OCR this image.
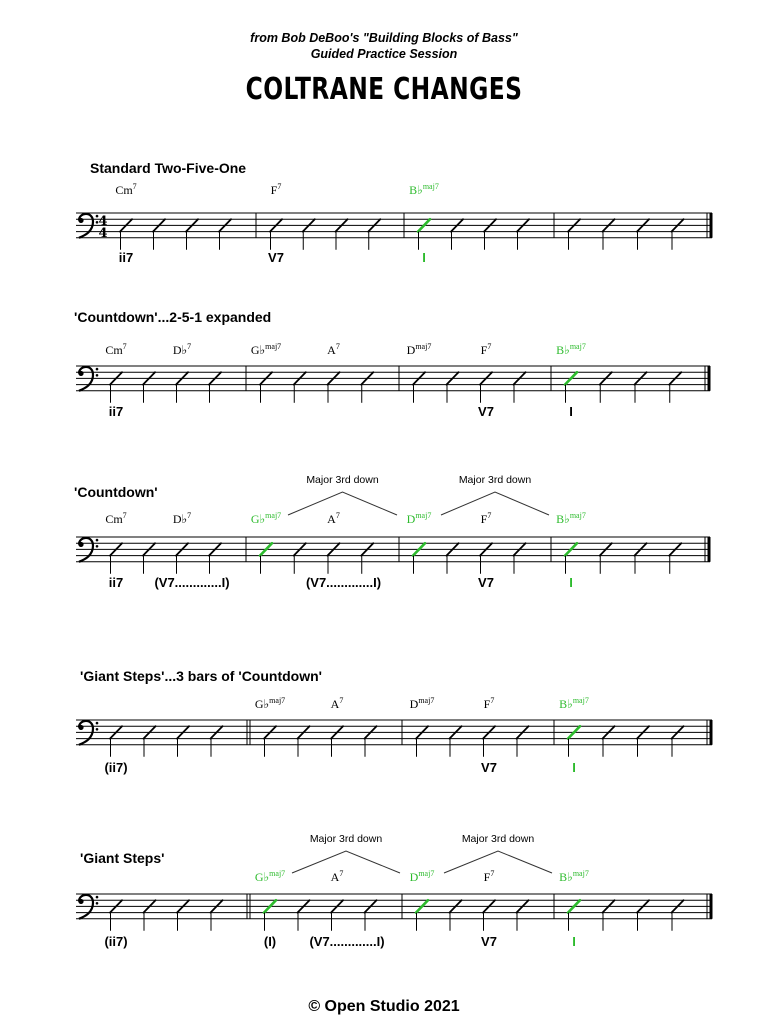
from Bob DeBoo's "Building Blocks of Bass"
Guided Practice Session
COLTRANE CHANGES
Standard Two-Five-One
Cm$^7$	$F^7$	B♭$^{maj7}$
ii7	V7	I
4
4
'Countdown'...2-5-1 expanded
Cm$^7$	D♭$^7$	G♭$^{maj7}$	$A^7$	$D^{maj7}$	$F^7$	B♭$^{maj7}$
ii7	V7	I
'Countdown'
Cm$^7$	D♭$^7$	G♭$^{maj7}$	$A^7$	$D^{maj7}$	$F^7$	B♭$^{maj7}$
ii7 (V7.............I)	(V7.............I)	V7	I
Major 3rd down	Major 3rd down
'Giant Steps'...3 bars of 'Countdown'
G♭$^{maj7}$	$A^7$	$D^{maj7}$	$F^7$	B♭$^{maj7}$
(ii7)	V7	I
'Giant Steps'
G♭$^{maj7}$	$A^7$	$D^{maj7}$	$F^7$	B♭$^{maj7}$
(ii7)	(I)	(V7.............I)	V7	I
Major 3rd down	Major 3rd down
© Open Studio 2021
